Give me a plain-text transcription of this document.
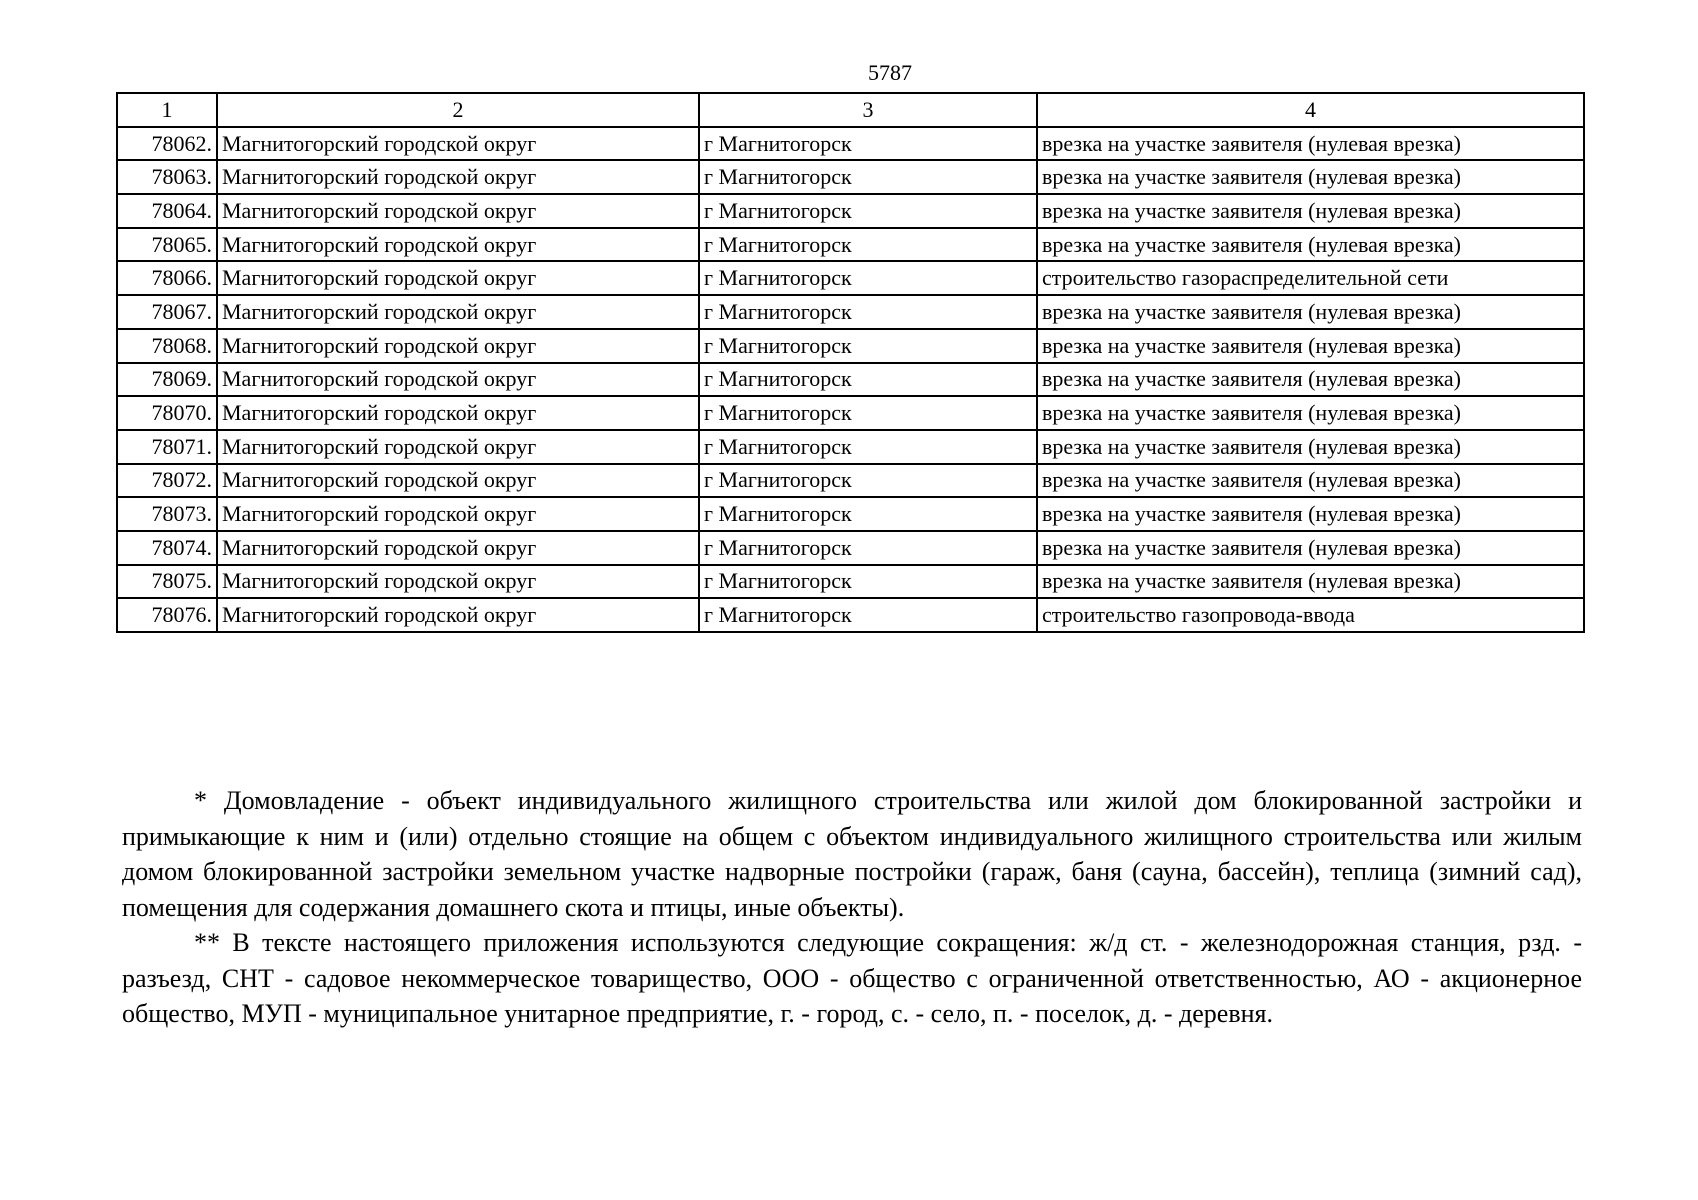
5787
1	2	3	4
78062.	Магнитогорский городской округ	г Магнитогорск	врезка на участке заявителя (нулевая врезка)
78063.	Магнитогорский городской округ	г Магнитогорск	врезка на участке заявителя (нулевая врезка)
78064.	Магнитогорский городской округ	г Магнитогорск	врезка на участке заявителя (нулевая врезка)
78065.	Магнитогорский городской округ	г Магнитогорск	врезка на участке заявителя (нулевая врезка)
78066.	Магнитогорский городской округ	г Магнитогорск	строительство газораспределительной сети
78067.	Магнитогорский городской округ	г Магнитогорск	врезка на участке заявителя (нулевая врезка)
78068.	Магнитогорский городской округ	г Магнитогорск	врезка на участке заявителя (нулевая врезка)
78069.	Магнитогорский городской округ	г Магнитогорск	врезка на участке заявителя (нулевая врезка)
78070.	Магнитогорский городской округ	г Магнитогорск	врезка на участке заявителя (нулевая врезка)
78071.	Магнитогорский городской округ	г Магнитогорск	врезка на участке заявителя (нулевая врезка)
78072.	Магнитогорский городской округ	г Магнитогорск	врезка на участке заявителя (нулевая врезка)
78073.	Магнитогорский городской округ	г Магнитогорск	врезка на участке заявителя (нулевая врезка)
78074.	Магнитогорский городской округ	г Магнитогорск	врезка на участке заявителя (нулевая врезка)
78075.	Магнитогорский городской округ	г Магнитогорск	врезка на участке заявителя (нулевая врезка)
78076.	Магнитогорский городской округ	г Магнитогорск	строительство газопровода-ввода

* Домовладение - объект индивидуального жилищного строительства или жилой дом блокированной застройки и примыкающие к ним и (или) отдельно стоящие на общем с объектом индивидуального жилищного строительства или жилым домом блокированной застройки земельном участке надворные постройки (гараж, баня (сауна, бассейн), теплица (зимний сад), помещения для содержания домашнего скота и птицы, иные объекты).

** В тексте настоящего приложения используются следующие сокращения: ж/д ст. - железнодорожная станция, рзд. - разъезд, СНТ - садовое некоммерческое товарищество, ООО - общество с ограниченной ответственностью, АО - акционерное общество, МУП - муниципальное унитарное предприятие, г. - город, с. - село, п. - поселок, д. - деревня.
